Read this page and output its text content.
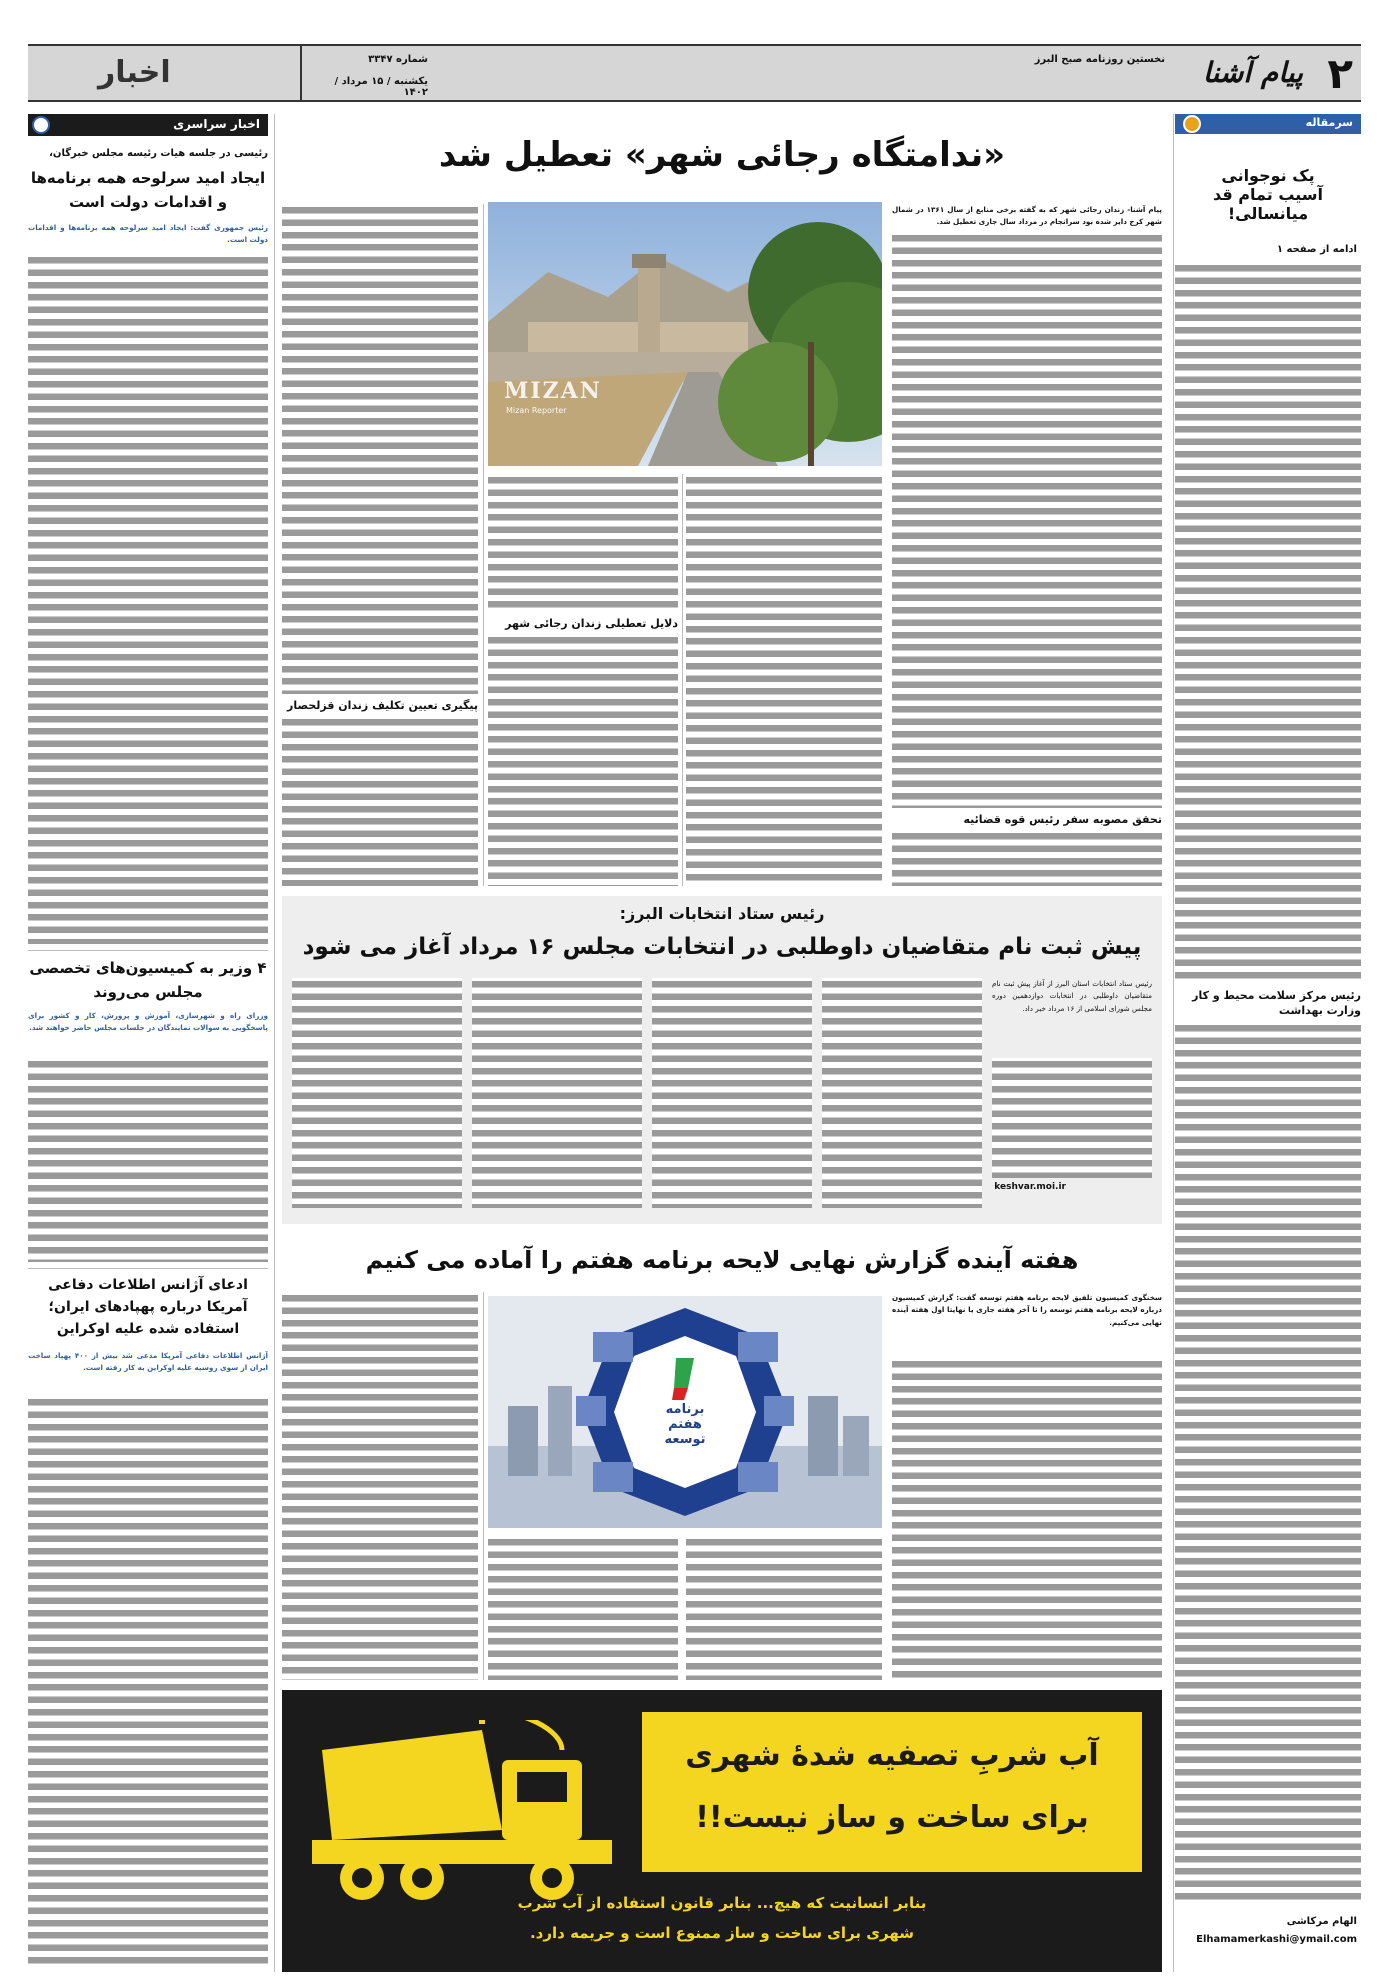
۲
پیام آشنا
نخستین روزنامه صبح البرز
شماره ۳۳۴۷
یکشنبه / ۱۵ مرداد / ۱۴۰۲
اخبار
سرمقاله
پک نوجوانی
آسیب تمام قد میانسالی!
ادامه از صفحه ۱
رئیس مرکز سلامت محیط و کار وزارت بهداشت
الهام مرکاشی
Elhamamerkashi@ymail.com
«ندامتگاه رجائی شهر» تعطیل شد
MIZAN
Mizan Reporter
پیام آشنا- زندان رجائی شهر که به گفته برخی منابع از سال ۱۳۶۱ در شمال شهر کرج دایر شده بود سرانجام در مرداد سال جاری تعطیل شد.
تحقق مصوبه سفر رئیس قوه قضائیه
دلایل تعطیلی زندان رجائی شهر
پیگیری تعیین تکلیف زندان قزلحصار
اخبار سراسری
رئیسی در جلسه هیات رئیسه مجلس خبرگان،
ایجاد امید سرلوحه همه برنامه‌ها و اقدامات دولت است
رئیس جمهوری گفت: ایجاد امید سرلوحه همه برنامه‌ها و اقدامات دولت است.
۴ وزیر به کمیسیون‌های تخصصی مجلس می‌روند
وزرای راه و شهرسازی، آموزش و پرورش، کار و کشور برای پاسخگویی به سوالات نمایندگان در جلسات مجلس حاضر خواهند شد.
ادعای آژانس اطلاعات دفاعی آمریکا درباره پهپادهای ایران؛ استفاده شده علیه اوکراین
آژانس اطلاعات دفاعی آمریکا مدعی شد بیش از ۴۰۰ پهپاد ساخت ایران از سوی روسیه علیه اوکراین به کار رفته است.
رئیس ستاد انتخابات البرز:
پیش ثبت نام متقاضیان داوطلبی در انتخابات مجلس ۱۶ مرداد آغاز می شود
رئیس ستاد انتخابات استان البرز از آغاز پیش ثبت نام متقاضیان داوطلبی در انتخابات دوازدهمین دوره مجلس شورای اسلامی از ۱۶ مرداد خبر داد.
keshvar.moi.ir
هفته آینده گزارش نهایی لایحه برنامه هفتم را آماده می کنیم
سخنگوی کمیسیون تلفیق لایحه برنامه هفتم توسعه گفت: گزارش کمیسیون درباره لایحه برنامه هفتم توسعه را تا آخر هفته جاری یا نهایتا اول هفته آینده نهایی می‌کنیم.
برنامه
هفتم
توسعه
آب شربِ تصفیه شدهٔ شهری
برای ساخت و ساز نیست!!
بنابر انسانیت که هیچ... بنابر قانون استفاده از آب شرب
شهری برای ساخت و ساز ممنوع است و جریمه دارد.
